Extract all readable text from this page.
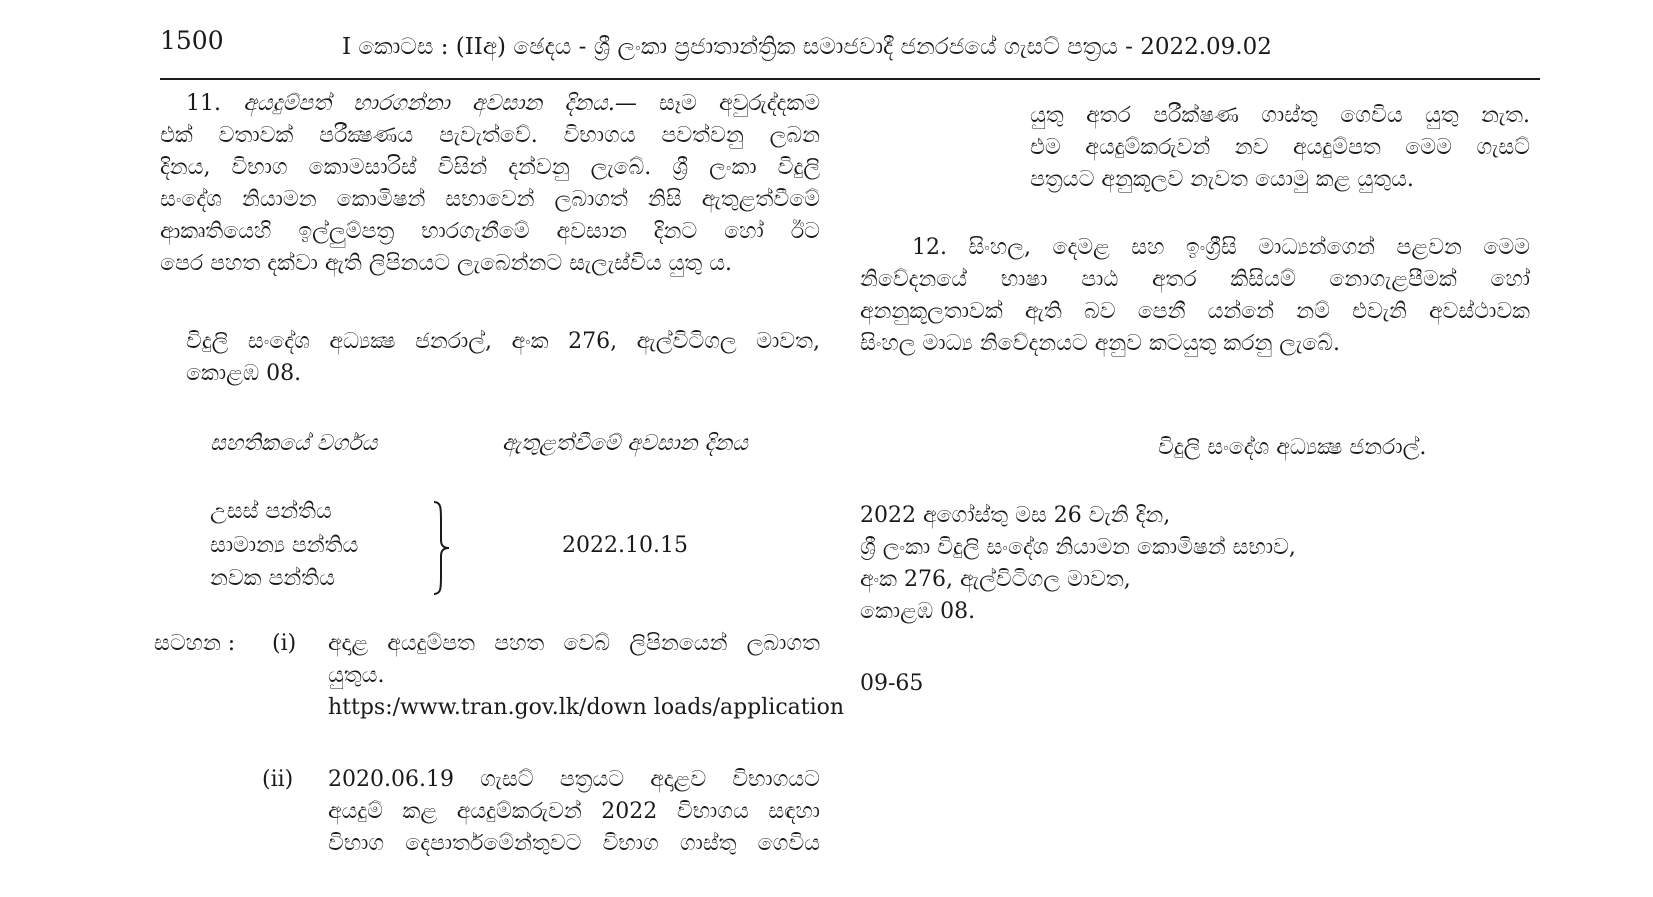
1500	I කොටස : (IIඅ) ඡෙදය - ශ්‍රී ලංකා ප්‍රජාතාන්ත්‍රික සමාජවාදී ජනරජයේ ගැසට් පත්‍රය - 2022.09.02
11. අයදුම්පත් භාරගන්නා අවසාන දිනය.— සෑම අවුරුද්දකම
එක් වතාවක් පරීක්‍ෂණය පැවැත්වේ. විභාගය පවත්වනු ලබන
දිනය, විභාග කොමසාරිස් විසින් දන්වනු ලැබේ. ශ්‍රී ලංකා විදුලි
සංදේශ නියාමන කොමිෂන් සභාවෙන් ලබාගත් නිසි ඇතුළත්වීමේ
ආකෘතියෙහි ඉල්ලුම්පත්‍ර භාරගැනීමේ අවසාන දිනට හෝ ඊට
පෙර පහත දක්වා ඇති ලිපිනයට ලැබෙන්නට සැලැස්විය යුතු ය.
විදුලි සංදේශ අධ්‍යක්‍ෂ ජනරාල්, අංක 276, ඇල්විටිගල මාවත,
කොළඹ 08.
සහතිකයේ වර්ගය	ඇතුළත්වීමේ අවසාන දිනය
උසස් පන්තිය
සාමාන්‍ය පන්තිය
නවක පන්තිය
2022.10.15
සටහන : (i) අදාළ අයදුම්පත පහත වෙබ් ලිපිනයෙන් ලබාගත
යුතුය.
https:/www.tran.gov.lk/down loads/application
(ii) 2020.06.19 ගැසට් පත්‍රයට අදාළව විභාගයට
අයදුම් කළ අයදුම්කරුවන් 2022 විභාගය සඳහා
විභාග දෙපාර්තමේන්තුවට විභාග ගාස්තු ගෙවිය
යුතු අතර පරීක්ෂණ ගාස්තු ගෙවිය යුතු නැත.
එම අයදුම්කරුවන් නව අයදුම්පත මෙම ගැසට්
පත්‍රයට අනුකූලව නැවත යොමු කළ යුතුය.
12. සිංහල, දෙමළ සහ ඉංග්‍රීසි මාධ්‍යන්ගෙන් පළවන මෙම
නිවේදනයේ භාෂා පාඨ අතර කිසියම් නොගැළපීමක් හෝ
අනනුකූලතාවක් ඇති බව පෙනී යන්නේ නම් එවැනි අවස්ථාවක
සිංහල මාධ්‍ය නිවේදනයට අනුව කටයුතු කරනු ලැබේ.
විදුලි සංදේශ අධ්‍යක්‍ෂ ජනරාල්.
2022 අගෝස්තු මස 26 වැනි දින,
ශ්‍රී ලංකා විදුලි සංදේශ නියාමන කොමිෂන් සභාව,
අංක 276, ඇල්විටිගල මාවත,
කොළඹ 08.
09-65
